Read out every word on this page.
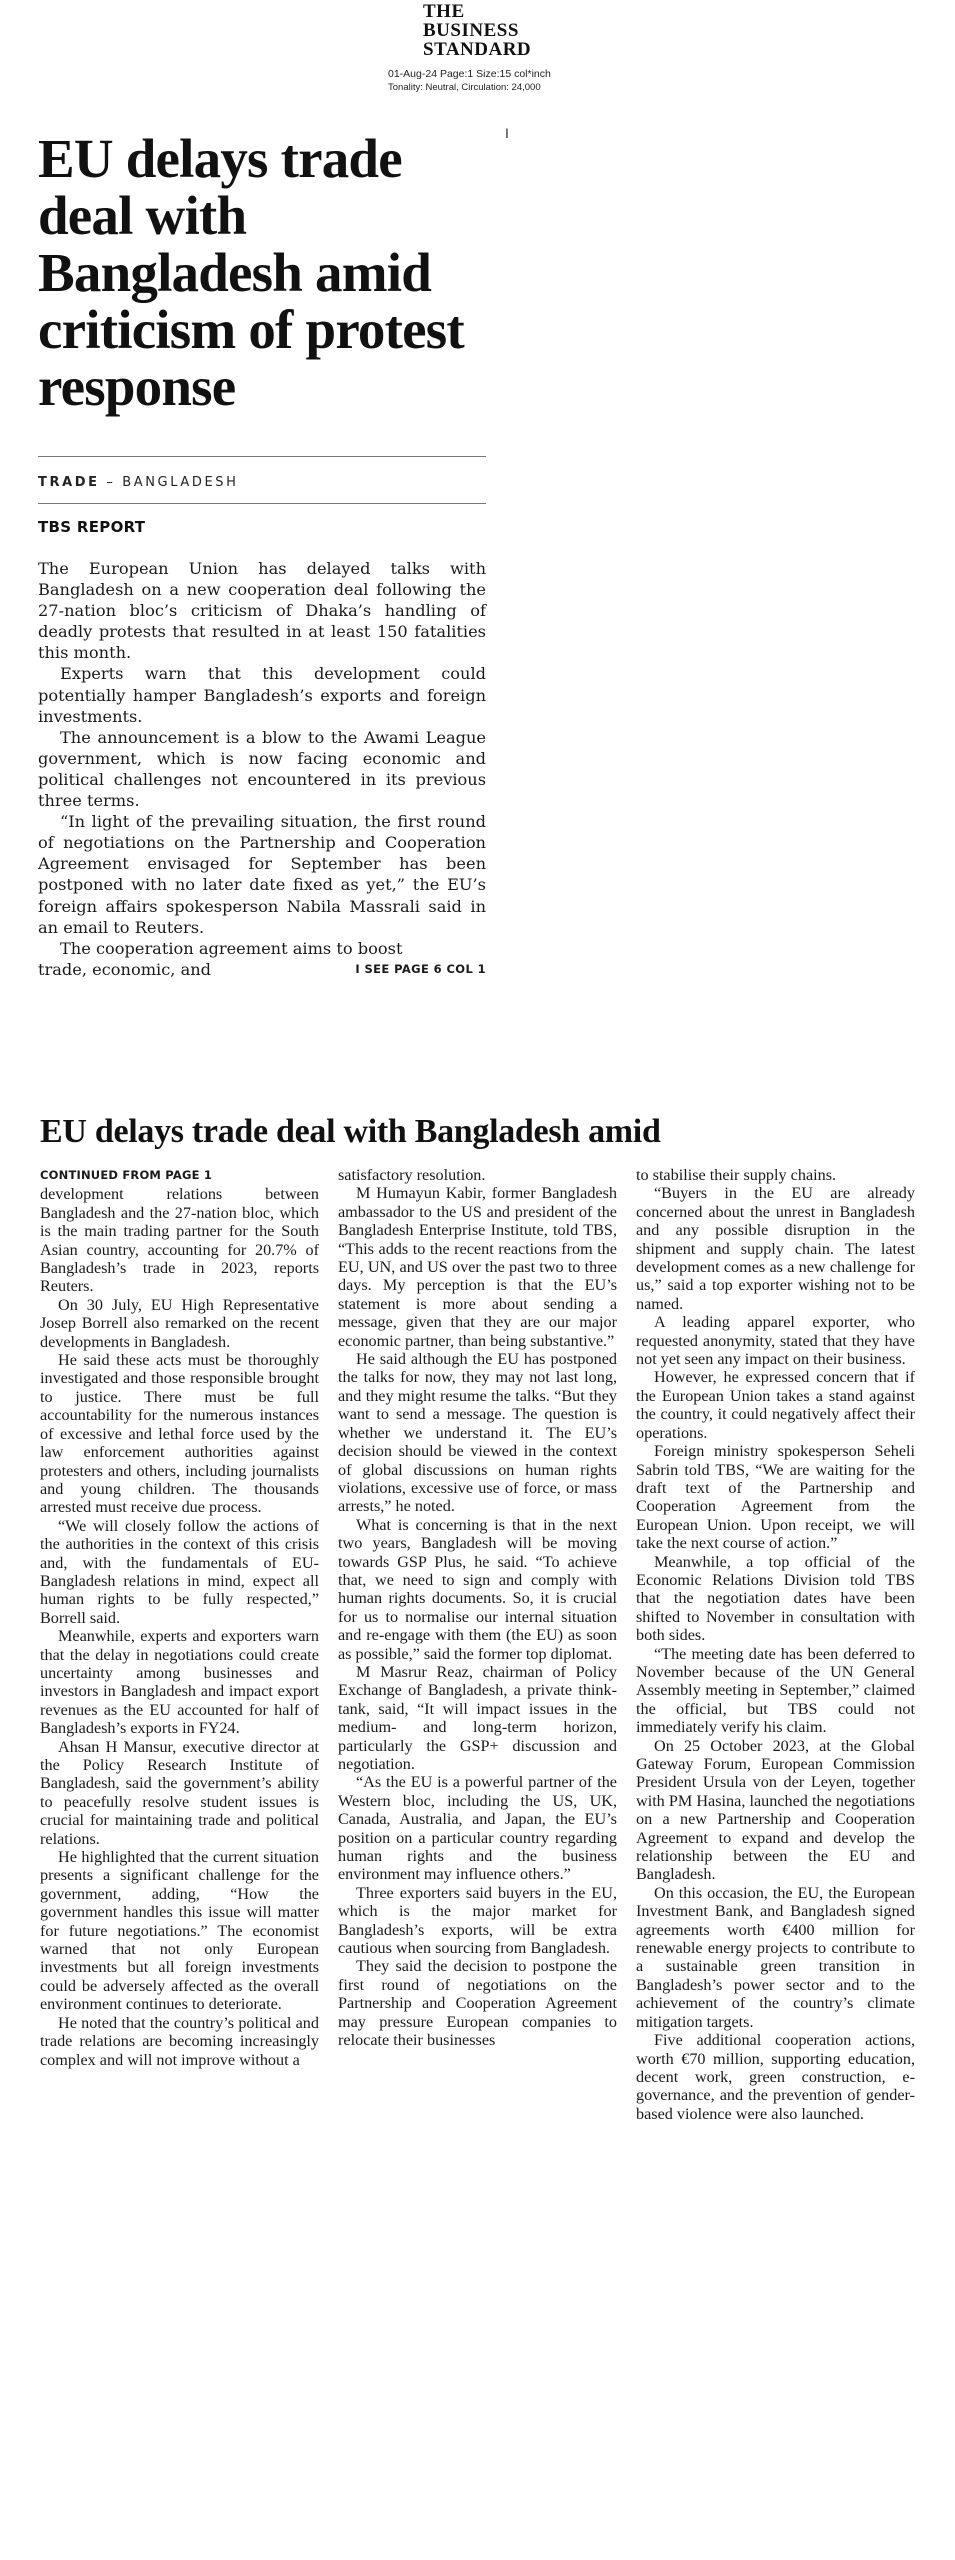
THE
BUSINESS
STANDARD
01-Aug-24 Page:1 Size:15 col*inch
Tonality: Neutral, Circulation: 24,000
I
EU delays trade deal with Bangladesh amid criticism of protest response
TRADE – BANGLADESH
TBS REPORT

The European Union has delayed talks with Bangladesh on a new cooperation deal following the 27-nation bloc’s criticism of Dhaka’s handling of deadly protests that resulted in at least 150 fatalities this month.

Experts warn that this development could potentially hamper Bangladesh’s exports and foreign investments.

The announcement is a blow to the Awami League government, which is now facing economic and political challenges not encountered in its previous three terms.

“In light of the prevailing situation, the first round of negotiations on the Partnership and Cooperation Agreement envisaged for September has been postponed with no later date fixed as yet,” the EU’s foreign affairs spokesperson Nabila Massrali said in an email to Reuters.

The cooperation agreement aims to boost

trade, economic, and	I SEE PAGE 6 COL 1
EU delays trade deal with Bangladesh amid
CONTINUED FROM PAGE 1

development relations between Bangladesh and the 27-nation bloc, which is the main trading partner for the South Asian country, accounting for 20.7% of Bangladesh’s trade in 2023, reports Reuters.

On 30 July, EU High Representative Josep Borrell also remarked on the recent developments in Bangladesh.

He said these acts must be thoroughly investigated and those responsible brought to justice. There must be full accountability for the numerous instances of excessive and lethal force used by the law enforcement authorities against protesters and others, including journalists and young children. The thousands arrested must receive due process.

“We will closely follow the actions of the authorities in the context of this crisis and, with the fundamentals of EU-Bangladesh relations in mind, expect all human rights to be fully respected,” Borrell said.

Meanwhile, experts and exporters warn that the delay in negotiations could create uncertainty among businesses and investors in Bangladesh and impact export revenues as the EU accounted for half of Bangladesh’s exports in FY24.

Ahsan H Mansur, executive director at the Policy Research Institute of Bangladesh, said the government’s ability to peacefully resolve student issues is crucial for maintaining trade and political relations.

He highlighted that the current situation presents a significant challenge for the government, adding, “How the government handles this issue will matter for future negotiations.” The economist warned that not only European investments but all foreign investments could be adversely affected as the overall environment continues to deteriorate.

He noted that the country’s political and trade relations are becoming increasingly complex and will not improve without a

satisfactory resolution.

M Humayun Kabir, former Bangladesh ambassador to the US and president of the Bangladesh Enterprise Institute, told TBS, “This adds to the recent reactions from the EU, UN, and US over the past two to three days. My perception is that the EU’s statement is more about sending a message, given that they are our major economic partner, than being substantive.”

He said although the EU has postponed the talks for now, they may not last long, and they might resume the talks. “But they want to send a message. The question is whether we understand it. The EU’s decision should be viewed in the context of global discussions on human rights violations, excessive use of force, or mass arrests,” he noted.

What is concerning is that in the next two years, Bangladesh will be moving towards GSP Plus, he said. “To achieve that, we need to sign and comply with human rights documents. So, it is crucial for us to normalise our internal situation and re-engage with them (the EU) as soon as possible,” said the former top diplomat.

M Masrur Reaz, chairman of Policy Exchange of Bangladesh, a private think-tank, said, “It will impact issues in the medium- and long-term horizon, particularly the GSP+ discussion and negotiation.

“As the EU is a powerful partner of the Western bloc, including the US, UK, Canada, Australia, and Japan, the EU’s position on a particular country regarding human rights and the business environment may influence others.”

Three exporters said buyers in the EU, which is the major market for Bangladesh’s exports, will be extra cautious when sourcing from Bangladesh.

They said the decision to postpone the first round of negotiations on the Partnership and Cooperation Agreement may pressure European companies to relocate their businesses

to stabilise their supply chains.

“Buyers in the EU are already concerned about the unrest in Bangladesh and any possible disruption in the shipment and supply chain. The latest development comes as a new challenge for us,” said a top exporter wishing not to be named.

A leading apparel exporter, who requested anonymity, stated that they have not yet seen any impact on their business.

However, he expressed concern that if the European Union takes a stand against the country, it could negatively affect their operations.

Foreign ministry spokesperson Seheli Sabrin told TBS, “We are waiting for the draft text of the Partnership and Cooperation Agreement from the European Union. Upon receipt, we will take the next course of action.”

Meanwhile, a top official of the Economic Relations Division told TBS that the negotiation dates have been shifted to November in consultation with both sides.

“The meeting date has been deferred to November because of the UN General Assembly meeting in September,” claimed the official, but TBS could not immediately verify his claim.

On 25 October 2023, at the Global Gateway Forum, European Commission President Ursula von der Leyen, together with PM Hasina, launched the negotiations on a new Partnership and Cooperation Agreement to expand and develop the relationship between the EU and Bangladesh.

On this occasion, the EU, the European Investment Bank, and Bangladesh signed agreements worth €400 million for renewable energy projects to contribute to a sustainable green transition in Bangladesh’s power sector and to the achievement of the country’s climate mitigation targets.

Five additional cooperation actions, worth €70 million, supporting education, decent work, green construction, e-governance, and the prevention of gender-based violence were also launched.
